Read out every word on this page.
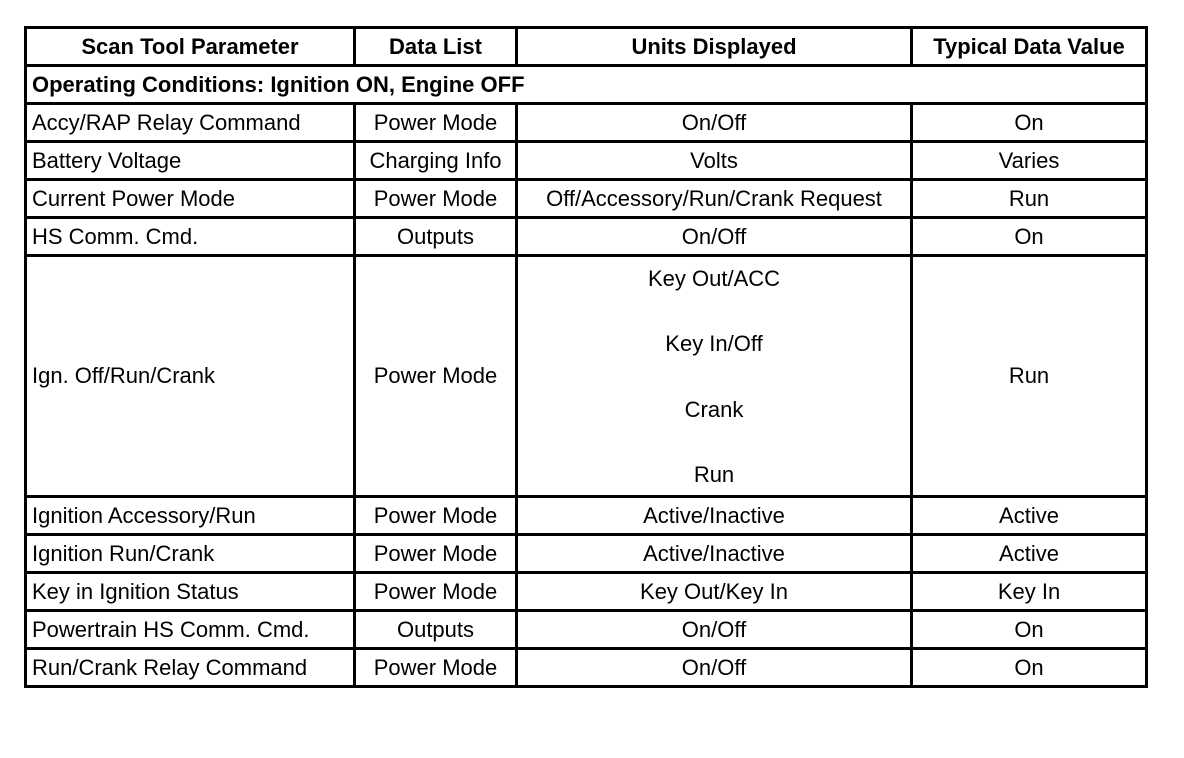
Scan Tool Parameter	Data List	Units Displayed	Typical Data Value
Operating Conditions: Ignition ON, Engine OFF			
Accy/RAP Relay Command	Power Mode	On/Off	On
Battery Voltage	Charging Info	Volts	Varies
Current Power Mode	Power Mode	Off/Accessory/Run/Crank Request	Run
HS Comm. Cmd.	Outputs	On/Off	On
Ign. Off/Run/Crank	Power Mode	Key Out/ACC
Key In/Off
Crank
Run	Run
Ignition Accessory/Run	Power Mode	Active/Inactive	Active
Ignition Run/Crank	Power Mode	Active/Inactive	Active
Key in Ignition Status	Power Mode	Key Out/Key In	Key In
Powertrain HS Comm. Cmd.	Outputs	On/Off	On
Run/Crank Relay Command	Power Mode	On/Off	On
